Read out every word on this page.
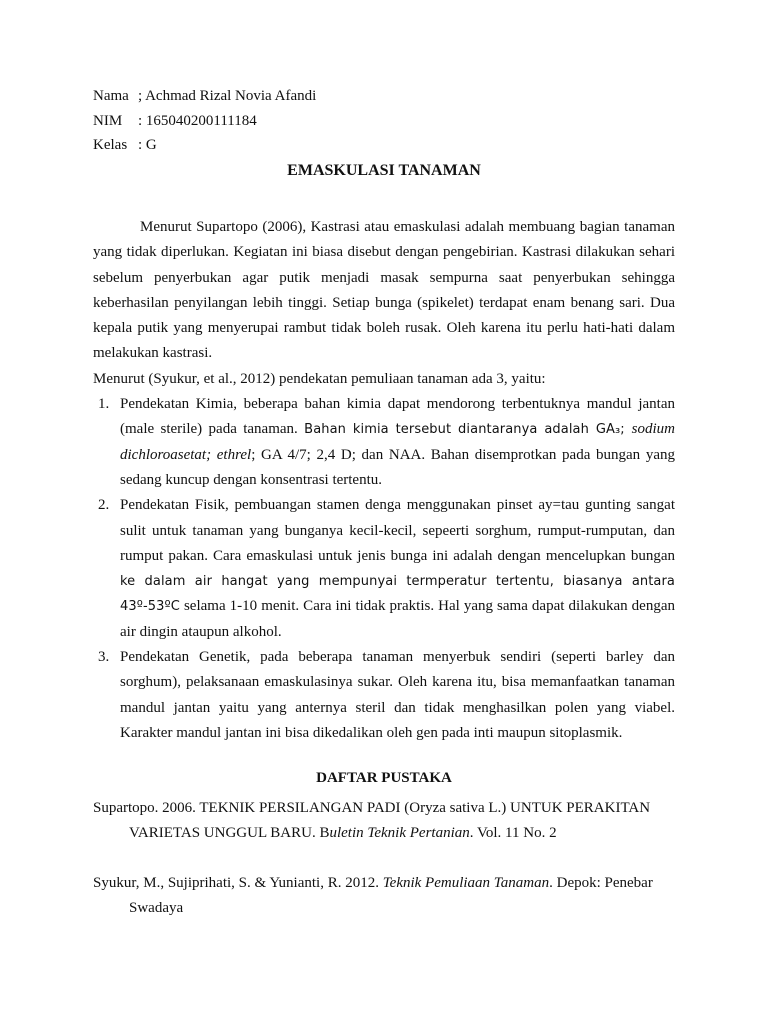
Nama ; Achmad Rizal Novia Afandi
NIM	: 165040200111184
Kelas : G
EMASKULASI TANAMAN

Menurut Supartopo (2006), Kastrasi atau emaskulasi adalah membuang bagian tanaman yang tidak diperlukan. Kegiatan ini biasa disebut dengan pengebirian. Kastrasi dilakukan sehari sebelum penyerbukan agar putik menjadi masak sempurna saat penyerbukan sehingga keberhasilan penyilangan lebih tinggi. Setiap bunga (spikelet) terdapat enam benang sari. Dua kepala putik yang menyerupai rambut tidak boleh rusak. Oleh karena itu perlu hati-hati dalam melakukan kastrasi.

Menurut (Syukur, et al., 2012) pendekatan pemuliaan tanaman ada 3, yaitu:

1. Pendekatan Kimia, beberapa bahan kimia dapat mendorong terbentuknya mandul jantan (male sterile) pada tanaman. Bahan kimia tersebut diantaranya adalah GA₃; sodium dichloroasetat; ethrel; GA 4/7; 2,4 D; dan NAA. Bahan disemprotkan pada bungan yang sedang kuncup dengan konsentrasi tertentu.
2. Pendekatan Fisik, pembuangan stamen denga menggunakan pinset ay=tau gunting sangat sulit untuk tanaman yang bunganya kecil-kecil, sepeerti sorghum, rumput-rumputan, dan rumput pakan. Cara emaskulasi untuk jenis bunga ini adalah dengan mencelupkan bungan ke dalam air hangat yang mempunyai termperatur tertentu, biasanya antara 43º-53ºC selama 1-10 menit. Cara ini tidak praktis. Hal yang sama dapat dilakukan dengan air dingin ataupun alkohol.
3. Pendekatan Genetik, pada beberapa tanaman menyerbuk sendiri (seperti barley dan sorghum), pelaksanaan emaskulasinya sukar. Oleh karena itu, bisa memanfaatkan tanaman mandul jantan yaitu yang anternya steril dan tidak menghasilkan polen yang viabel. Karakter mandul jantan ini bisa dikedalikan oleh gen pada inti maupun sitoplasmik.
DAFTAR PUSTAKA

Supartopo. 2006. TEKNIK PERSILANGAN PADI (Oryza sativa L.) UNTUK PERAKITAN VARIETAS UNGGUL BARU. Buletin Teknik Pertanian. Vol. 11 No. 2

Syukur, M., Sujiprihati, S. & Yunianti, R. 2012. Teknik Pemuliaan Tanaman. Depok: Penebar Swadaya
